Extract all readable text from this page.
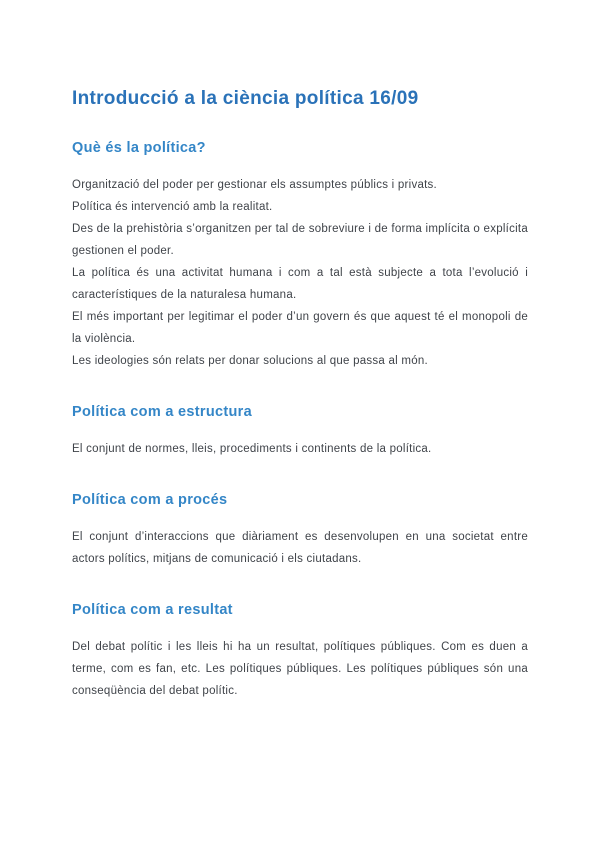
Introducció a la ciència política 16/09
Què és la política?

Organització del poder per gestionar els assumptes públics i privats.

Política és intervenció amb la realitat.

Des de la prehistòria s’organitzen per tal de sobreviure i de forma implícita o explícita gestionen el poder.

La política és una activitat humana i com a tal està subjecte a tota l’evolució i característiques de la naturalesa humana.

El més important per legitimar el poder d’un govern és que aquest té el monopoli de la violència.

Les ideologies són relats per donar solucions al que passa al món.

Política com a estructura

El conjunt de normes, lleis, procediments i continents de la política.

Política com a procés

El conjunt d’interaccions que diàriament es desenvolupen en una societat entre actors polítics, mitjans de comunicació i els ciutadans.

Política com a resultat

Del debat polític i les lleis hi ha un resultat, polítiques públiques. Com es duen a terme, com es fan, etc. Les polítiques públiques. Les polítiques públiques són una conseqüència del debat polític.
